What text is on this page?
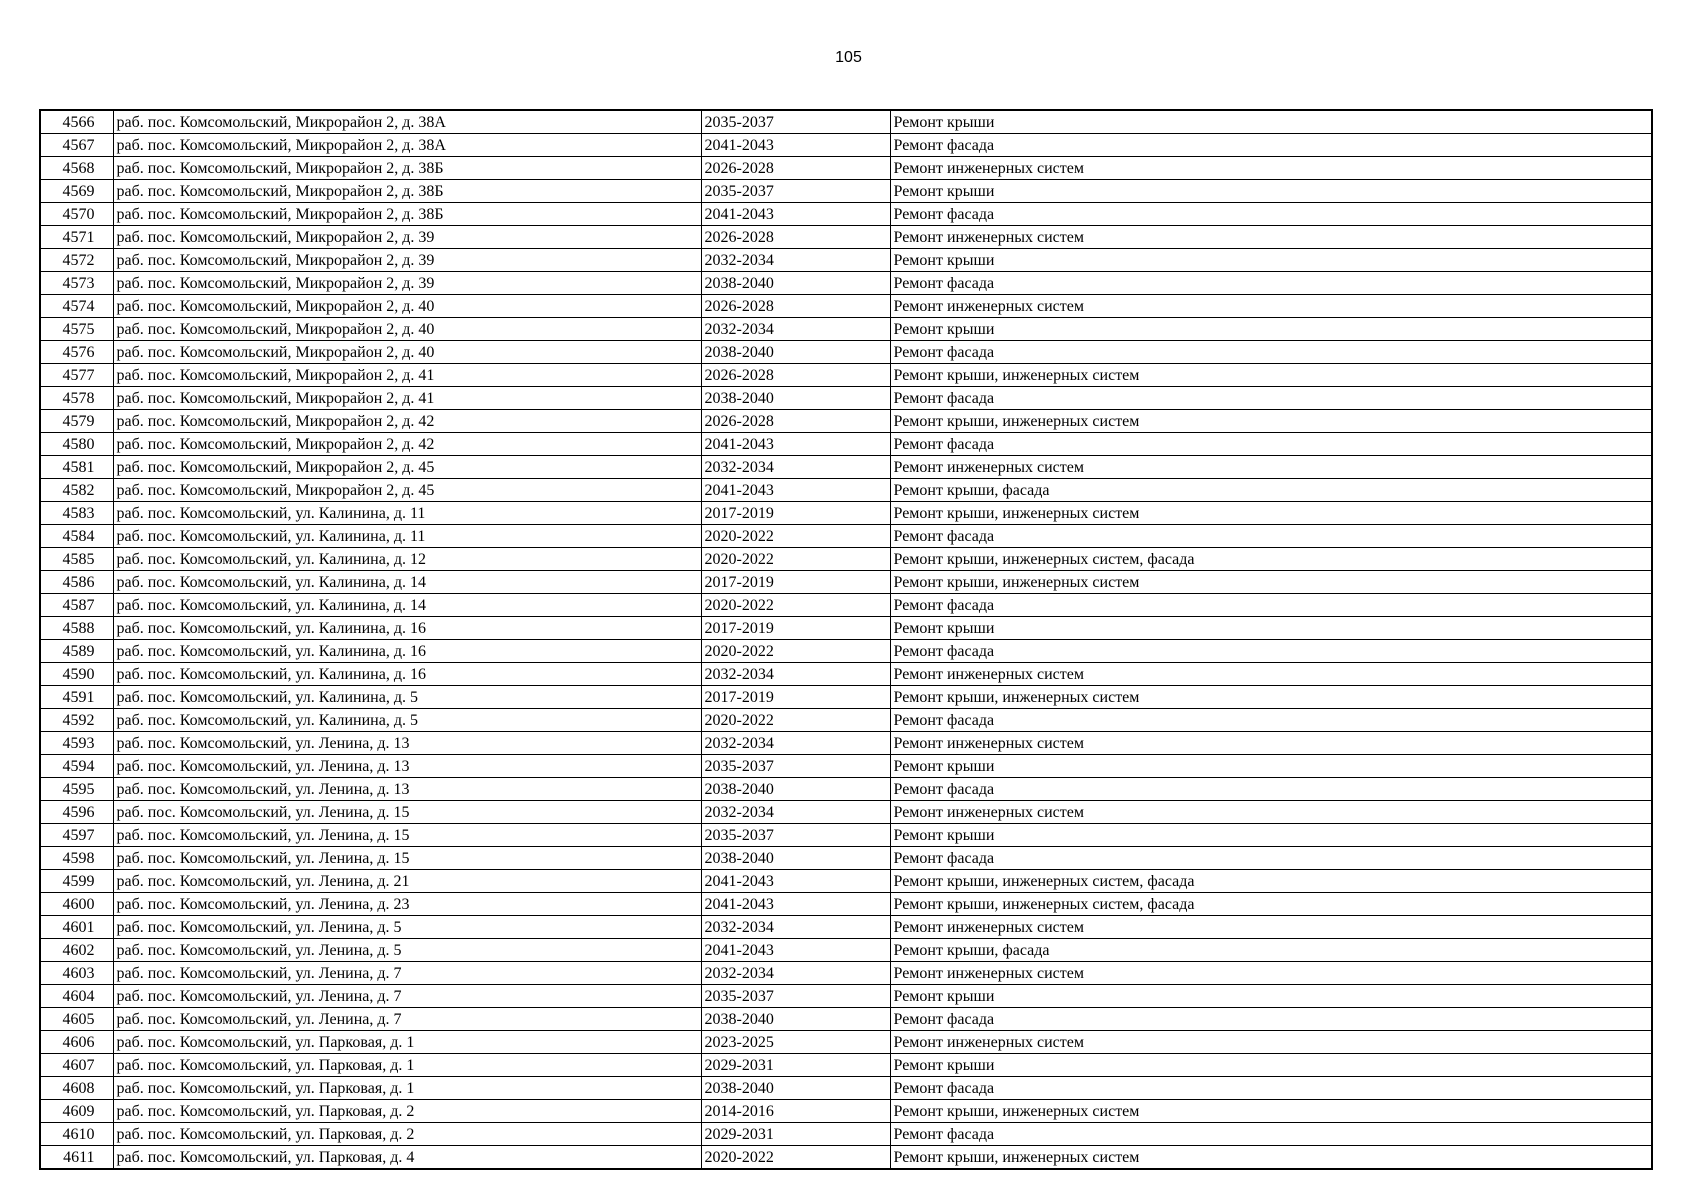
105
4566	раб. пос. Комсомольский, Микрорайон 2, д. 38А	2035-2037	Ремонт крыши
4567	раб. пос. Комсомольский, Микрорайон 2, д. 38А	2041-2043	Ремонт фасада
4568	раб. пос. Комсомольский, Микрорайон 2, д. 38Б	2026-2028	Ремонт инженерных систем
4569	раб. пос. Комсомольский, Микрорайон 2, д. 38Б	2035-2037	Ремонт крыши
4570	раб. пос. Комсомольский, Микрорайон 2, д. 38Б	2041-2043	Ремонт фасада
4571	раб. пос. Комсомольский, Микрорайон 2, д. 39	2026-2028	Ремонт инженерных систем
4572	раб. пос. Комсомольский, Микрорайон 2, д. 39	2032-2034	Ремонт крыши
4573	раб. пос. Комсомольский, Микрорайон 2, д. 39	2038-2040	Ремонт фасада
4574	раб. пос. Комсомольский, Микрорайон 2, д. 40	2026-2028	Ремонт инженерных систем
4575	раб. пос. Комсомольский, Микрорайон 2, д. 40	2032-2034	Ремонт крыши
4576	раб. пос. Комсомольский, Микрорайон 2, д. 40	2038-2040	Ремонт фасада
4577	раб. пос. Комсомольский, Микрорайон 2, д. 41	2026-2028	Ремонт крыши, инженерных систем
4578	раб. пос. Комсомольский, Микрорайон 2, д. 41	2038-2040	Ремонт фасада
4579	раб. пос. Комсомольский, Микрорайон 2, д. 42	2026-2028	Ремонт крыши, инженерных систем
4580	раб. пос. Комсомольский, Микрорайон 2, д. 42	2041-2043	Ремонт фасада
4581	раб. пос. Комсомольский, Микрорайон 2, д. 45	2032-2034	Ремонт инженерных систем
4582	раб. пос. Комсомольский, Микрорайон 2, д. 45	2041-2043	Ремонт крыши, фасада
4583	раб. пос. Комсомольский, ул. Калинина, д. 11	2017-2019	Ремонт крыши, инженерных систем
4584	раб. пос. Комсомольский, ул. Калинина, д. 11	2020-2022	Ремонт фасада
4585	раб. пос. Комсомольский, ул. Калинина, д. 12	2020-2022	Ремонт крыши, инженерных систем, фасада
4586	раб. пос. Комсомольский, ул. Калинина, д. 14	2017-2019	Ремонт крыши, инженерных систем
4587	раб. пос. Комсомольский, ул. Калинина, д. 14	2020-2022	Ремонт фасада
4588	раб. пос. Комсомольский, ул. Калинина, д. 16	2017-2019	Ремонт крыши
4589	раб. пос. Комсомольский, ул. Калинина, д. 16	2020-2022	Ремонт фасада
4590	раб. пос. Комсомольский, ул. Калинина, д. 16	2032-2034	Ремонт инженерных систем
4591	раб. пос. Комсомольский, ул. Калинина, д. 5	2017-2019	Ремонт крыши, инженерных систем
4592	раб. пос. Комсомольский, ул. Калинина, д. 5	2020-2022	Ремонт фасада
4593	раб. пос. Комсомольский, ул. Ленина, д. 13	2032-2034	Ремонт инженерных систем
4594	раб. пос. Комсомольский, ул. Ленина, д. 13	2035-2037	Ремонт крыши
4595	раб. пос. Комсомольский, ул. Ленина, д. 13	2038-2040	Ремонт фасада
4596	раб. пос. Комсомольский, ул. Ленина, д. 15	2032-2034	Ремонт инженерных систем
4597	раб. пос. Комсомольский, ул. Ленина, д. 15	2035-2037	Ремонт крыши
4598	раб. пос. Комсомольский, ул. Ленина, д. 15	2038-2040	Ремонт фасада
4599	раб. пос. Комсомольский, ул. Ленина, д. 21	2041-2043	Ремонт крыши, инженерных систем, фасада
4600	раб. пос. Комсомольский, ул. Ленина, д. 23	2041-2043	Ремонт крыши, инженерных систем, фасада
4601	раб. пос. Комсомольский, ул. Ленина, д. 5	2032-2034	Ремонт инженерных систем
4602	раб. пос. Комсомольский, ул. Ленина, д. 5	2041-2043	Ремонт крыши, фасада
4603	раб. пос. Комсомольский, ул. Ленина, д. 7	2032-2034	Ремонт инженерных систем
4604	раб. пос. Комсомольский, ул. Ленина, д. 7	2035-2037	Ремонт крыши
4605	раб. пос. Комсомольский, ул. Ленина, д. 7	2038-2040	Ремонт фасада
4606	раб. пос. Комсомольский, ул. Парковая, д. 1	2023-2025	Ремонт инженерных систем
4607	раб. пос. Комсомольский, ул. Парковая, д. 1	2029-2031	Ремонт крыши
4608	раб. пос. Комсомольский, ул. Парковая, д. 1	2038-2040	Ремонт фасада
4609	раб. пос. Комсомольский, ул. Парковая, д. 2	2014-2016	Ремонт крыши, инженерных систем
4610	раб. пос. Комсомольский, ул. Парковая, д. 2	2029-2031	Ремонт фасада
4611	раб. пос. Комсомольский, ул. Парковая, д. 4	2020-2022	Ремонт крыши, инженерных систем
